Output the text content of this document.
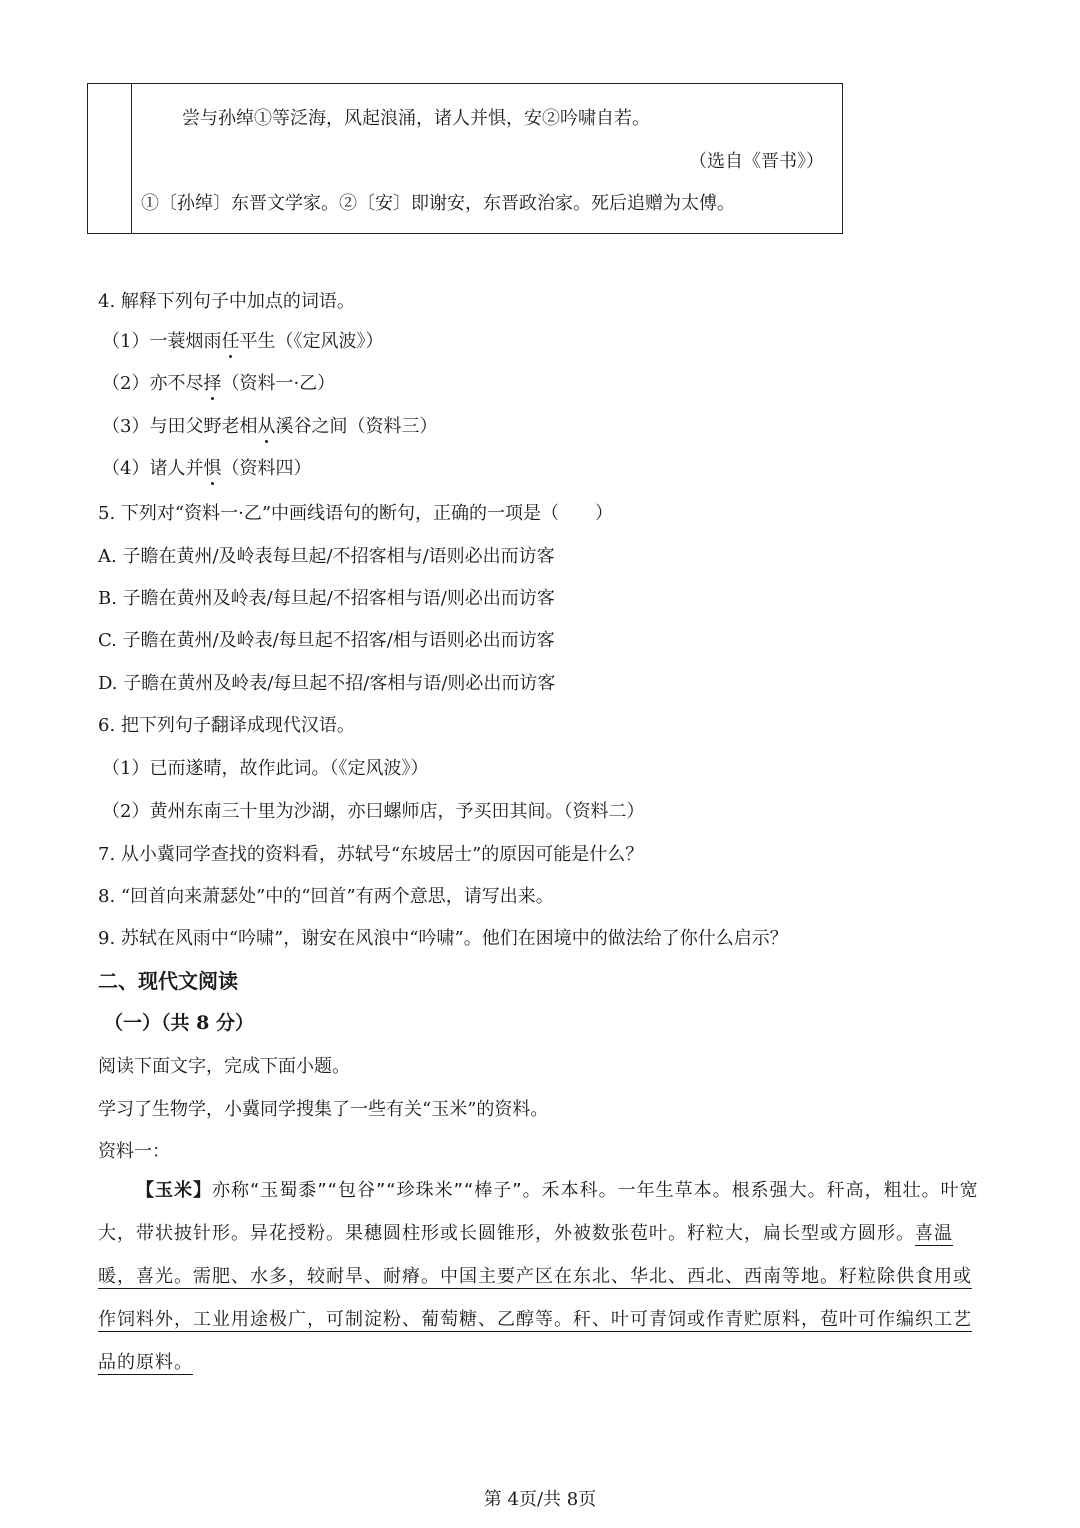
尝与孙绰①等泛海，风起浪涌，诸人并惧，安②吟啸自若。
（选自《晋书》）
①〔孙绰〕东晋文学家。②〔安〕即谢安，东晋政治家。死后追赠为太傅。
4. 解释下列句子中加点的词语。
（1）一蓑烟雨任平生（《定风波》）
（2）亦不尽择（资料一·乙）
（3）与田父野老相从溪谷之间（资料三）
（4）诸人并惧（资料四）
5. 下列对“资料一·乙”中画线语句的断句，正确的一项是（　　）
A. 子瞻在黄州/及岭表每旦起/不招客相与/语则必出而访客
B. 子瞻在黄州及岭表/每旦起/不招客相与语/则必出而访客
C. 子瞻在黄州/及岭表/每旦起不招客/相与语则必出而访客
D. 子瞻在黄州及岭表/每旦起不招/客相与语/则必出而访客
6. 把下列句子翻译成现代汉语。
（1）已而遂晴，故作此词。（《定风波》）
（2）黄州东南三十里为沙湖，亦曰螺师店，予买田其间。（资料二）
7. 从小冀同学查找的资料看，苏轼号“东坡居士”的原因可能是什么？
8. “回首向来萧瑟处”中的“回首”有两个意思，请写出来。
9. 苏轼在风雨中“吟啸”，谢安在风浪中“吟啸”。他们在困境中的做法给了你什么启示？
二、现代文阅读
（一）（共 8 分）
阅读下面文字，完成下面小题。
学习了生物学，小冀同学搜集了一些有关“玉米”的资料。
资料一：
【玉米】亦称“玉蜀黍”“包谷”“珍珠米”“棒子”。禾本科。一年生草本。根系强大。秆高，粗壮。叶宽大，带状披针形。异花授粉。果穗圆柱形或长圆锥形，外被数张苞叶。籽粒大，扁长型或方圆形。喜温暖，喜光。需肥、水多，较耐旱、耐瘠。中国主要产区在东北、华北、西北、西南等地。籽粒除供食用或作饲料外，工业用途极广，可制淀粉、葡萄糖、乙醇等。秆、叶可青饲或作青贮原料，苞叶可作编织工艺品的原料。
第 4页/共 8页
